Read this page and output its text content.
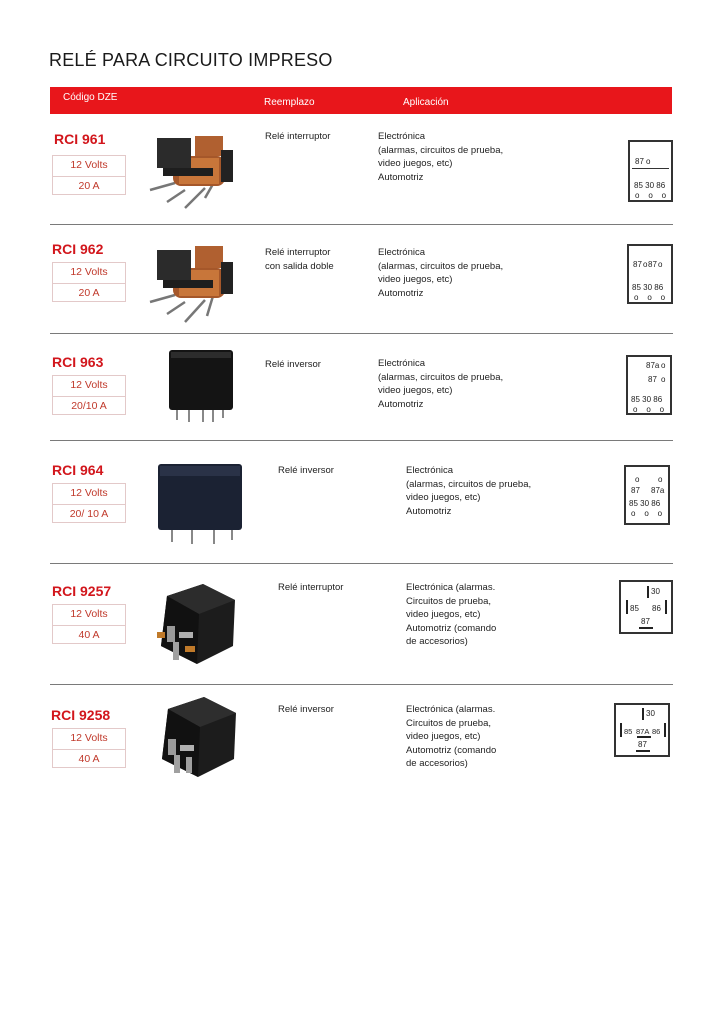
RELÉ PARA CIRCUITO IMPRESO
Código DZE	Reemplazo	Aplicación
RCI 961
12 Volts
20 A
Relé interruptor	Electrónica
(alarmas, circuitos de prueba,
video juegos, etc)
Automotriz
87 o
85 30 86
o    o    o
RCI 962
12 Volts
20 A
Relé interruptor
con salida doble
Electrónica
(alarmas, circuitos de prueba,
video juegos, etc)
Automotriz
87 o 87 o
85 30 86
o    o    o
RCI 963
12 Volts
20/10 A
Relé inversor	Electrónica
(alarmas, circuitos de prueba,
video juegos, etc)
Automotriz
87a o
87 o
85 30 86
o    o    o
RCI 964
12 Volts
20/ 10 A
Relé inversor	Electrónica
(alarmas, circuitos de prueba,
video juegos, etc)
Automotriz
o o
87 87a
85 30 86
o    o    o
RCI 9257
12 Volts
40 A
Relé interruptor	Electrónica (alarmas.
Circuitos de prueba,
video juegos, etc)
Automotriz (comando
de accesorios)
30
85 86
87
RCI 9258
12 Volts
40 A
Relé inversor	Electrónica (alarmas.
Circuitos de prueba,
video juegos, etc)
Automotriz (comando
de accesorios)
30
85 87A 86
87
